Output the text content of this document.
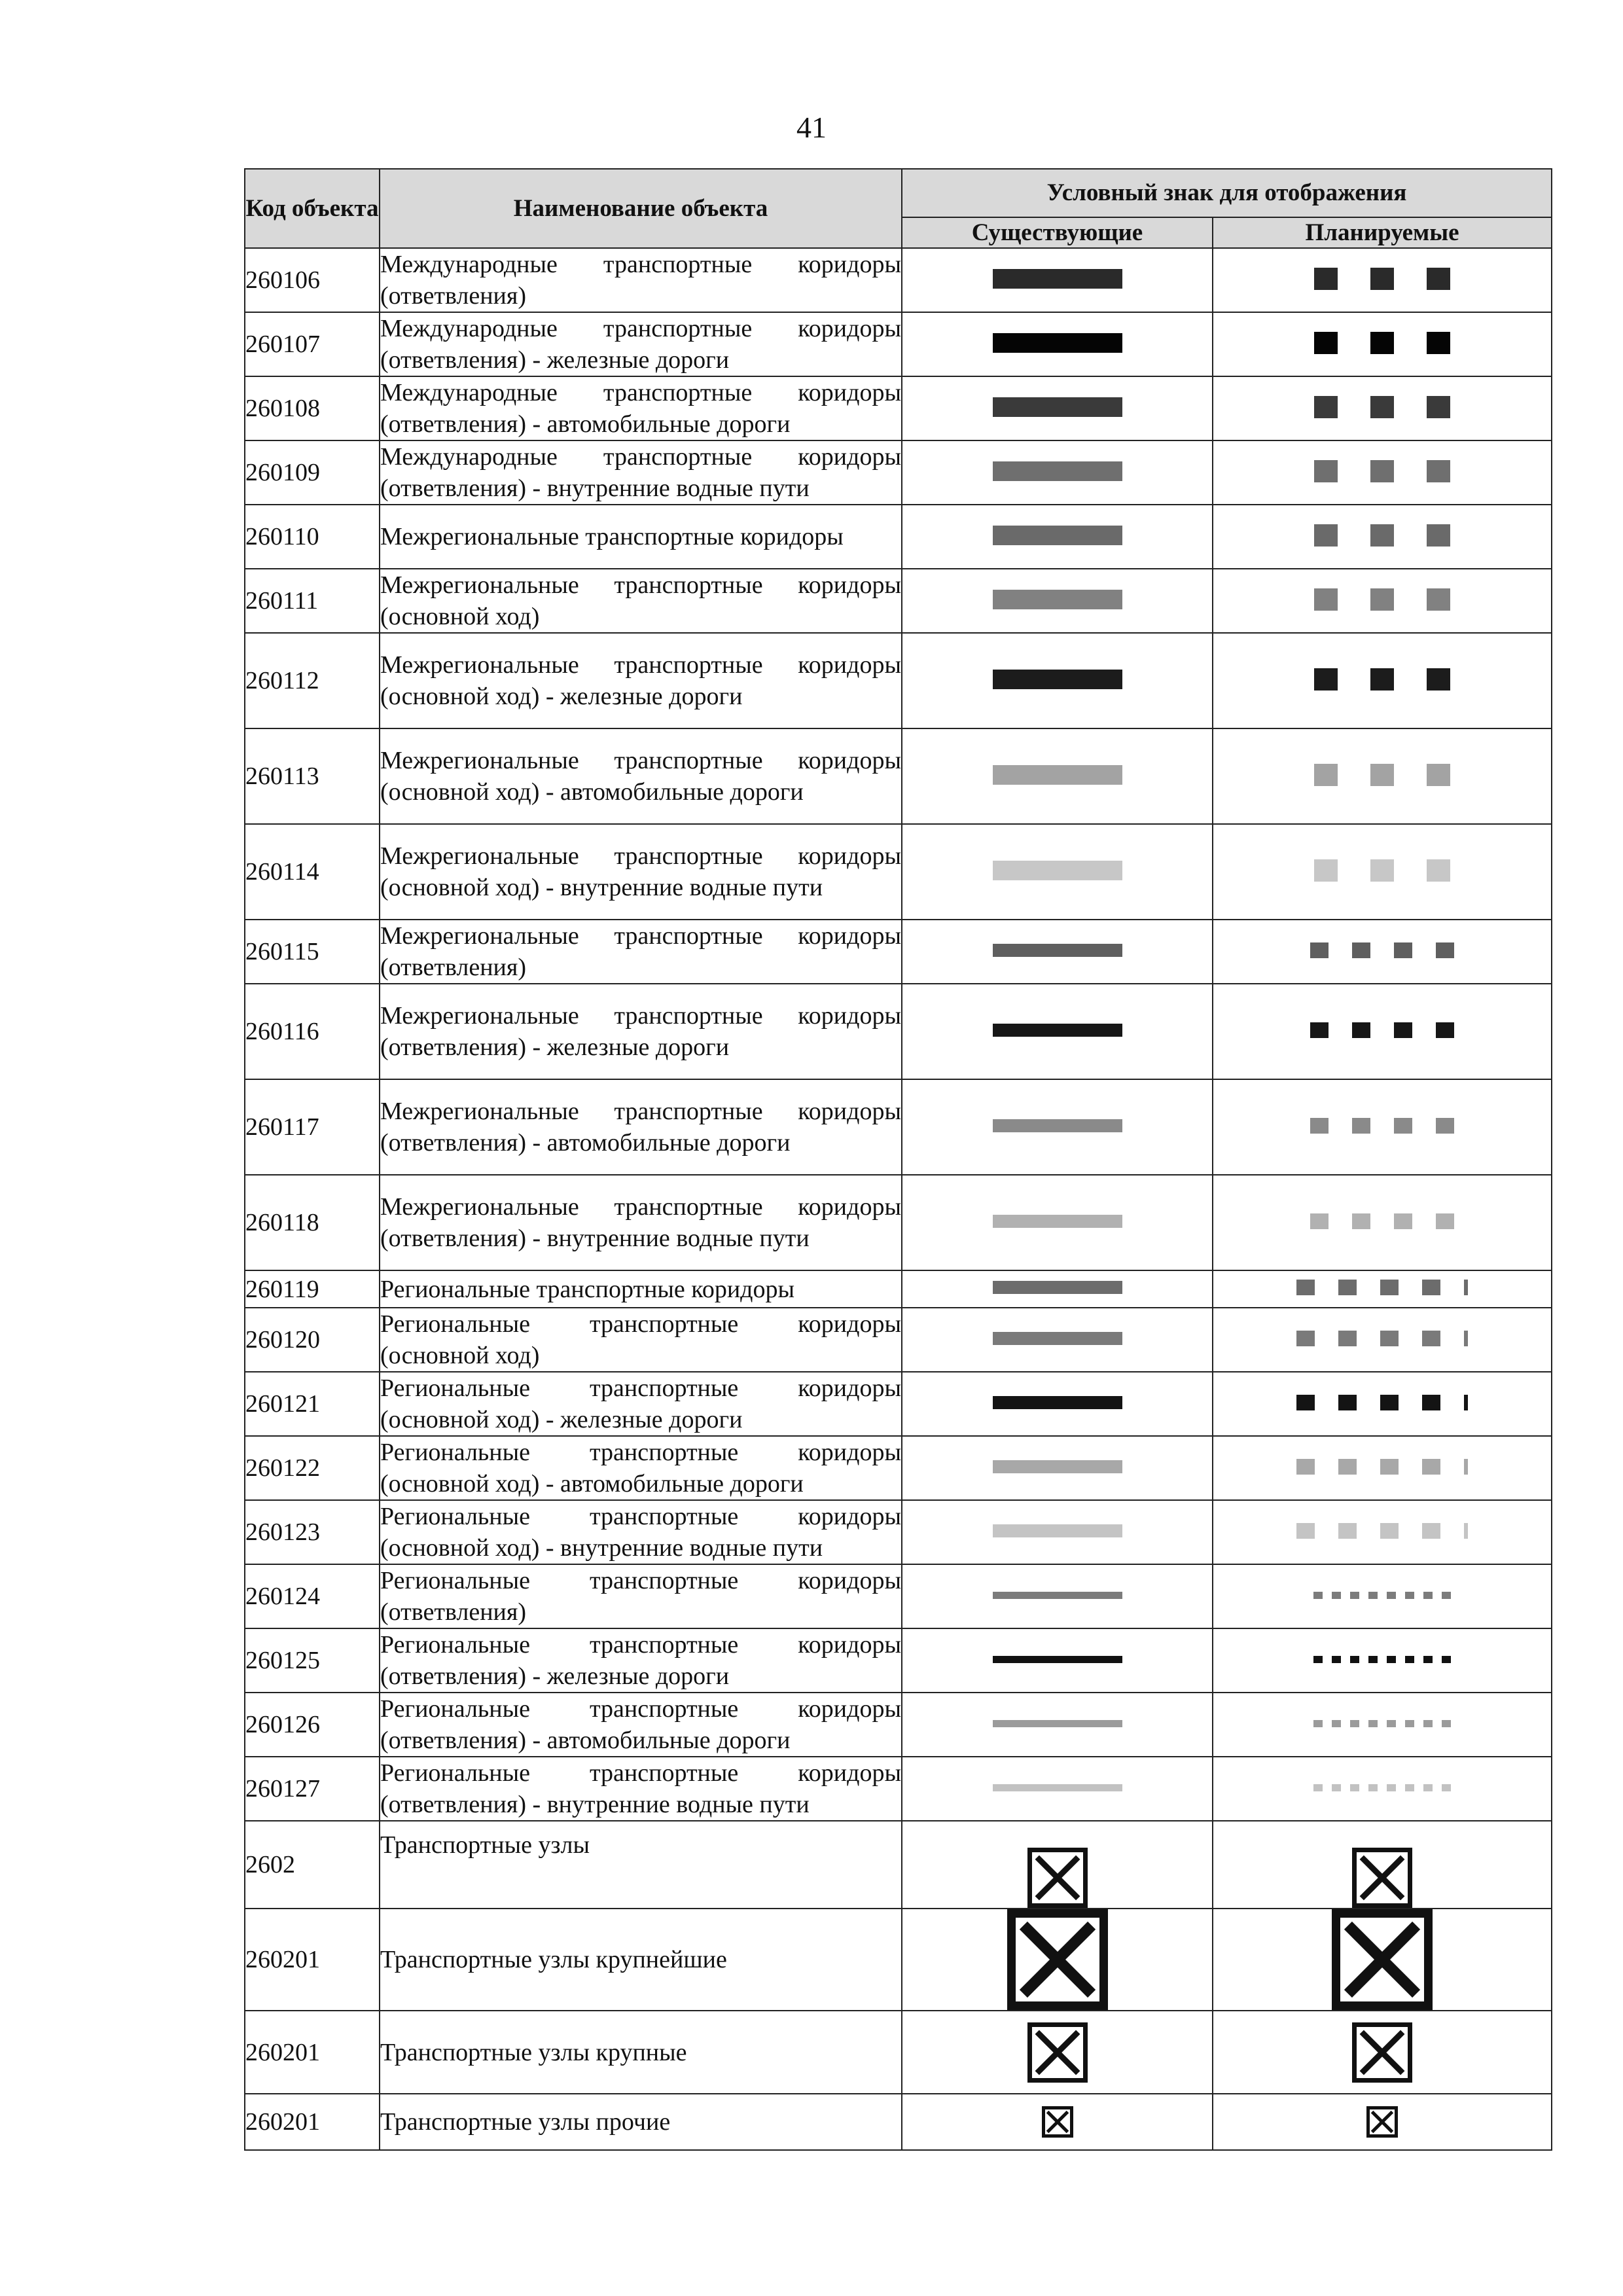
41
Код объекта	Наименование объекта	Условный знак для отображения	
		Существующие	Планируемые
260106	Международные транспортные коридоры (ответвления)		

260107	Международные транспортные коридоры (ответвления) - железные дороги		

260108	Международные транспортные коридоры (ответвления) - автомобильные дороги		

260109	Международные транспортные коридоры (ответвления) - внутренние водные пути		

260110	Межрегиональные транспортные коридоры		

260111	Межрегиональные транспортные коридоры (основной ход)		

260112	Межрегиональные транспортные коридоры (основной ход) - железные дороги		

260113	Межрегиональные транспортные коридоры (основной ход) - автомобильные дороги		

260114	Межрегиональные транспортные коридоры (основной ход) - внутренние водные пути		

260115	Межрегиональные транспортные коридоры (ответвления)		

260116	Межрегиональные транспортные коридоры (ответвления) - железные дороги		

260117	Межрегиональные транспортные коридоры (ответвления) - автомобильные дороги		

260118	Межрегиональные транспортные коридоры (ответвления) - внутренние водные пути		

260119	Региональные транспортные коридоры		

260120	Региональные транспортные коридоры (основной ход)		

260121	Региональные транспортные коридоры (основной ход) - железные дороги		

260122	Региональные транспортные коридоры (основной ход) - автомобильные дороги		

260123	Региональные транспортные коридоры (основной ход) - внутренние водные пути		

260124	Региональные транспортные коридоры (ответвления)		

260125	Региональные транспортные коридоры (ответвления) - железные дороги		

260126	Региональные транспортные коридоры (ответвления) - автомобильные дороги		

260127	Региональные транспортные коридоры (ответвления) - внутренние водные пути		

2602	Транспортные узлы	

260201	Транспортные узлы крупнейшие	

260201	Транспортные узлы крупные	

260201	Транспортные узлы прочие	
